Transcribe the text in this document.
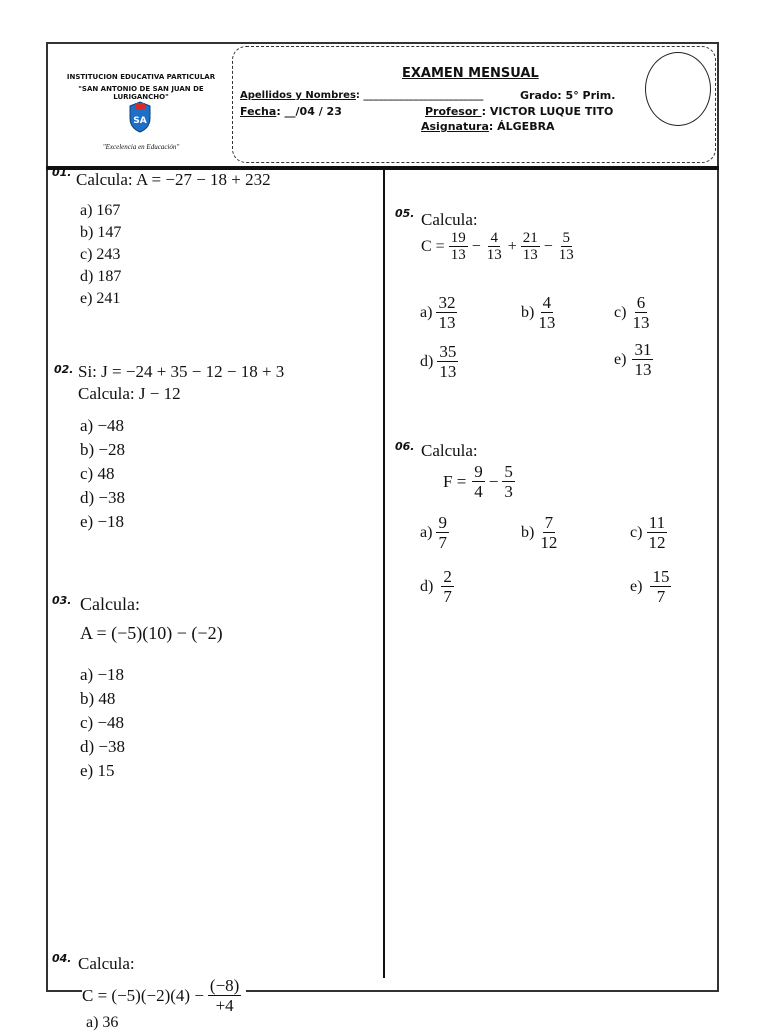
INSTITUCION EDUCATIVA PARTICULAR
"SAN ANTONIO DE SAN JUAN DE LURIGANCHO"
SA
"Excelencia en Educación"
EXAMEN MENSUAL
Apellidos y Nombres: ________________________	Grado: 5° Prim.
Fecha: __/04 / 23	Profesor : VICTOR LUQUE TITO
Asignatura: ÁLGEBRA
01. Calcula: A = −27 − 18 + 232
a) 167
b) 147
c) 243
d) 187
e) 241
02. Si: J = −24 + 35 − 12 − 18 + 3
Calcula: J − 12
a) −48
b) −28
c) 48
d) −38
e) −18
03. Calcula:
A = (−5)(10) − (−2)
a) −18
b) 48
c) −48
d) −38
e) 15
04. Calcula:
$C = (-5)(-2)(4) - \frac{(-8)}{+4}$
a) 36
05. Calcula:
$C = \frac{19}{13} - \frac{4}{13} + \frac{21}{13} - \frac{5}{13}$
$a) \frac{32}{13}$	$b) \frac{4}{13}$	$c) \frac{6}{13}$
$d) \frac{35}{13}$	$e) \frac{31}{13}$
06. Calcula:
$F = \frac{9}{4} - \frac{5}{3}$
$a) \frac{9}{7}$	$b) \frac{7}{12}$	$c) \frac{11}{12}$
$d) \frac{2}{7}$	$e) \frac{15}{7}$
